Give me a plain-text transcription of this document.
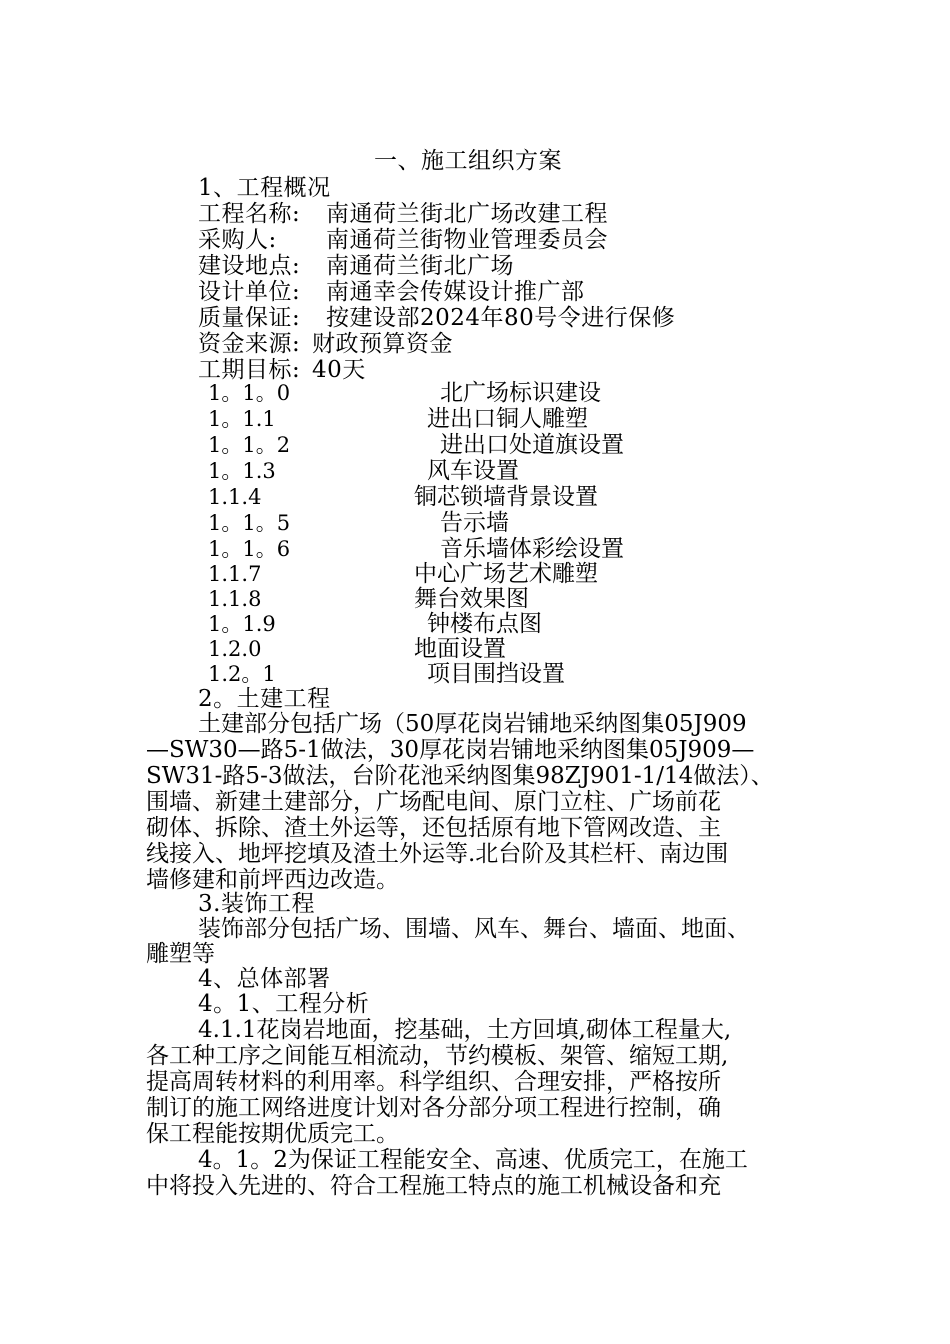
一、施工组织方案
1、工程概况
工程名称: 南通荷兰街北广场改建工程
采购人: 南通荷兰街物业管理委员会
建设地点: 南通荷兰街北广场
设计单位: 南通幸会传媒设计推广部
质量保证: 按建设部2024年80号令进行保修
资金来源: 财政预算资金
工期目标: 40天
1。1。0	北广场标识建设
1。1.1	进出口铜人雕塑
1。1。2	进出口处道旗设置
1。1.3	风车设置
1.1.4	铜芯锁墙背景设置
1。1。5	告示墙
1。1。6	音乐墙体彩绘设置
1.1.7	中心广场艺术雕塑
1.1.8	舞台效果图
1。1.9	钟楼布点图
1.2.0	地面设置
1.2。1	项目围挡设置
2。土建工程
土建部分包括广场（50厚花岗岩铺地采纳图集05J909
—SW30—路5-1做法，30厚花岗岩铺地采纳图集05J909—
SW31-路5-3做法，台阶花池采纳图集98ZJ901-1/14做法）、
围墙、新建土建部分，广场配电间、原门立柱、广场前花
砌体、拆除、渣土外运等，还包括原有地下管网改造、主
线接入、地坪挖填及渣土外运等.北台阶及其栏杆、南边围
墙修建和前坪西边改造。
3.装饰工程
装饰部分包括广场、围墙、风车、舞台、墙面、地面、
雕塑等
4、总体部署
4。1、工程分析
4.1.1花岗岩地面，挖基础，土方回填,砌体工程量大,
各工种工序之间能互相流动，节约模板、架管、缩短工期,
提高周转材料的利用率。科学组织、合理安排，严格按所
制订的施工网络进度计划对各分部分项工程进行控制，确
保工程能按期优质完工。
4。1。2为保证工程能安全、高速、优质完工，在施工
中将投入先进的、符合工程施工特点的施工机械设备和充
